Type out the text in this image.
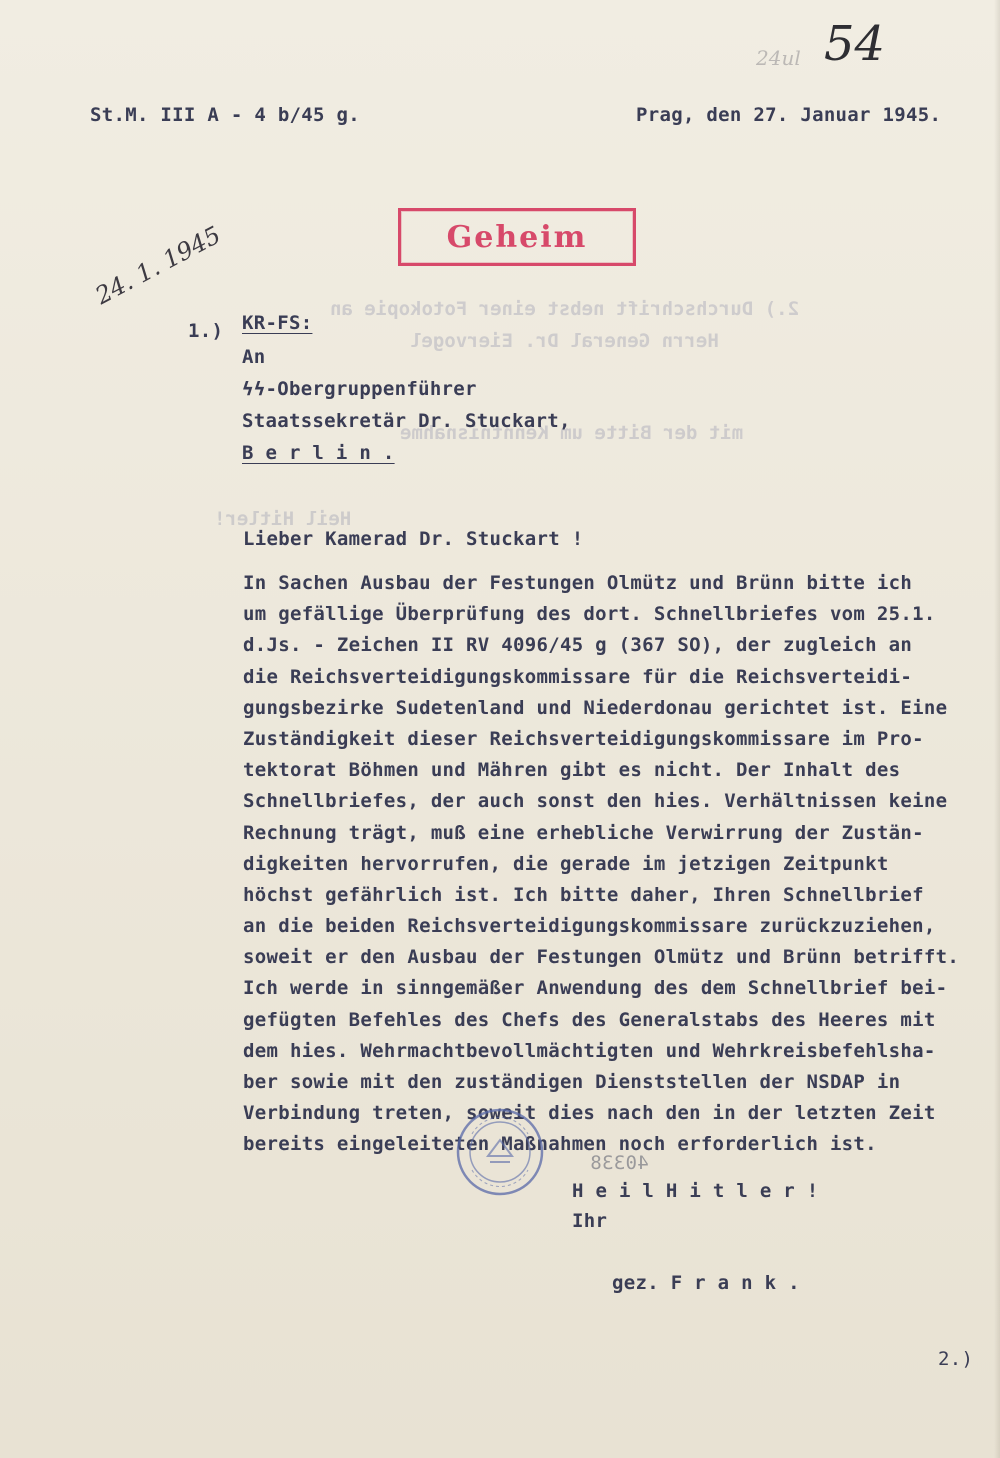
2.) Durchschrift nebst einer Fotokopie an
Herrn General Dr. Eiervogel
mit der Bitte um Kenntnisnahme
Heil Hitler!
54
24ul
St.M. III A - 4 b/45 g.	Prag, den 27. Januar 1945.
Geheim
24. 1. 1945
1.) KR-FS:
An
ϟϟ-Obergruppenführer
Staatssekretär Dr. Stuckart,
B e r l i n .
Lieber Kamerad Dr. Stuckart !
In Sachen Ausbau der Festungen Olmütz und Brünn bitte ich
um gefällige Überprüfung des dort. Schnellbriefes vom 25.1.
d.Js. - Zeichen II RV 4096/45 g (367 SO), der zugleich an
die Reichsverteidigungskommissare für die Reichsverteidi-
gungsbezirke Sudetenland und Niederdonau gerichtet ist. Eine
Zuständigkeit dieser Reichsverteidigungskommissare im Pro-
tektorat Böhmen und Mähren gibt es nicht. Der Inhalt des
Schnellbriefes, der auch sonst den hies. Verhältnissen keine
Rechnung trägt, muß eine erhebliche Verwirrung der Zustän-
digkeiten hervorrufen, die gerade im jetzigen Zeitpunkt
höchst gefährlich ist. Ich bitte daher, Ihren Schnellbrief
an die beiden Reichsverteidigungskommissare zurückzuziehen,
soweit er den Ausbau der Festungen Olmütz und Brünn betrifft.
Ich werde in sinngemäßer Anwendung des dem Schnellbrief bei-
gefügten Befehles des Chefs des Generalstabs des Heeres mit
dem hies. Wehrmachtbevollmächtigten und Wehrkreisbefehlsha-
ber sowie mit den zuständigen Dienststellen der NSDAP in
Verbindung treten, soweit dies nach den in der letzten Zeit
bereits eingeleiteten Maßnahmen noch erforderlich ist.
40338
H e i l H i t l e r !
Ihr
gez. F r a n k .
2.)
